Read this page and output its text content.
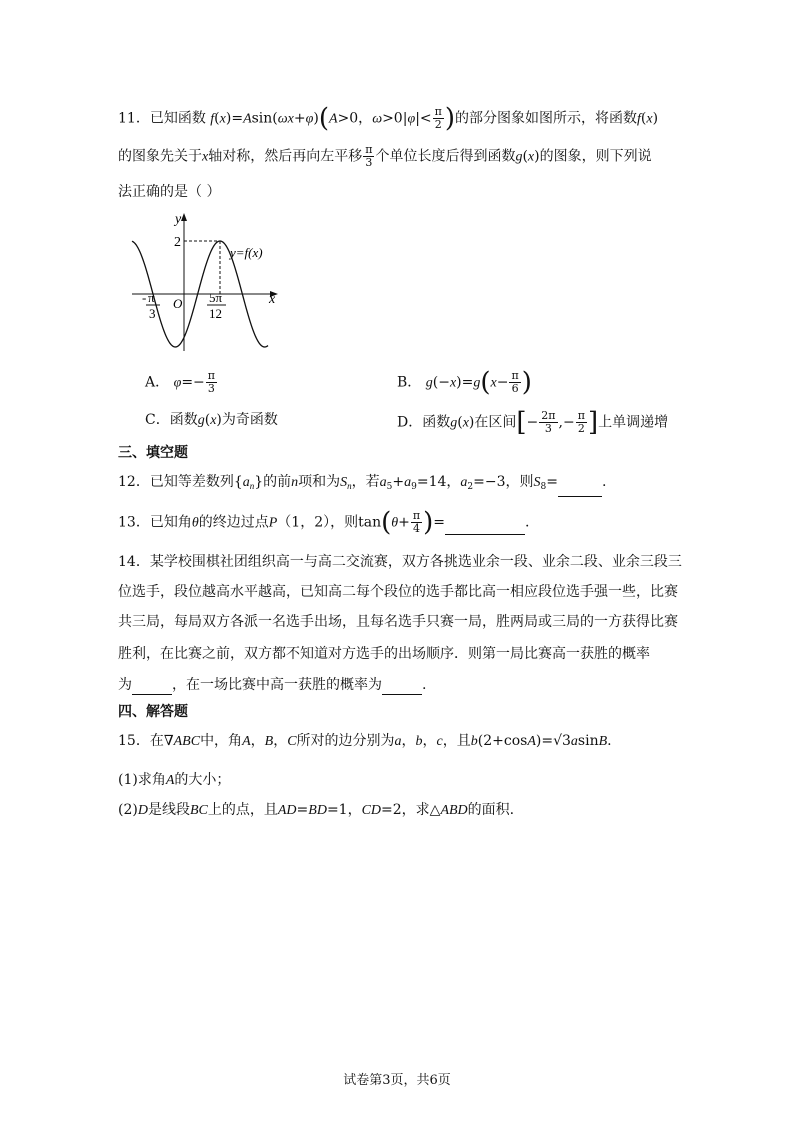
11．已知函数 f(x)=Asin(ωx+φ)(A>0，$\omega>0|\varphi|< \frac{\pi}{2}$ )的部分图象如图所示，将函数f(x)
的图象先关于x轴对称，然后再向左平移 $\frac{\pi}{3}$ 个单位长度后得到函数g(x)的图象，则下列说
法正确的是（ ）
y
x
O
2
y=f(x)
- π
3
5π
12
A． $\varphi=- \frac{\pi}{3}$	B． $g(-x)=g(x- \frac{\pi}{6}$ )
C．函数g(x)为奇函数	D．函数g(x)在区间[− $\frac{2\pi}{3}$ ,− $\frac{\pi}{2}$ ]上单调递增
三、填空题
12．已知等差数列$\{a_n\}$的前n项和为$S_n$，若$a_5+a_9=14$，$a_2=-3$，则$S_8=$	.
13．已知角θ的终边过点P（1，2），则$\tan(\theta+ \frac{\pi}{4}$ )=	.
14．某学校围棋社团组织高一与高二交流赛，双方各挑选业余一段、业余二段、业余三段三
位选手，段位越高水平越高，已知高二每个段位的选手都比高一相应段位选手强一些，比赛
共三局，每局双方各派一名选手出场，且每名选手只赛一局，胜两局或三局的一方获得比赛
胜利，在比赛之前，双方都不知道对方选手的出场顺序．则第一局比赛高一获胜的概率
为	，在一场比赛中高一获胜的概率为	.
四、解答题
15．在∇ABC中，角A，B，C所对的边分别为a，b，c，且b(2+cosA)=√3asinB.
(1)求角A的大小；
(2)D是线段BC上的点，且AD=BD=1，CD=2，求△ABD的面积.
试卷第3页，共6页
